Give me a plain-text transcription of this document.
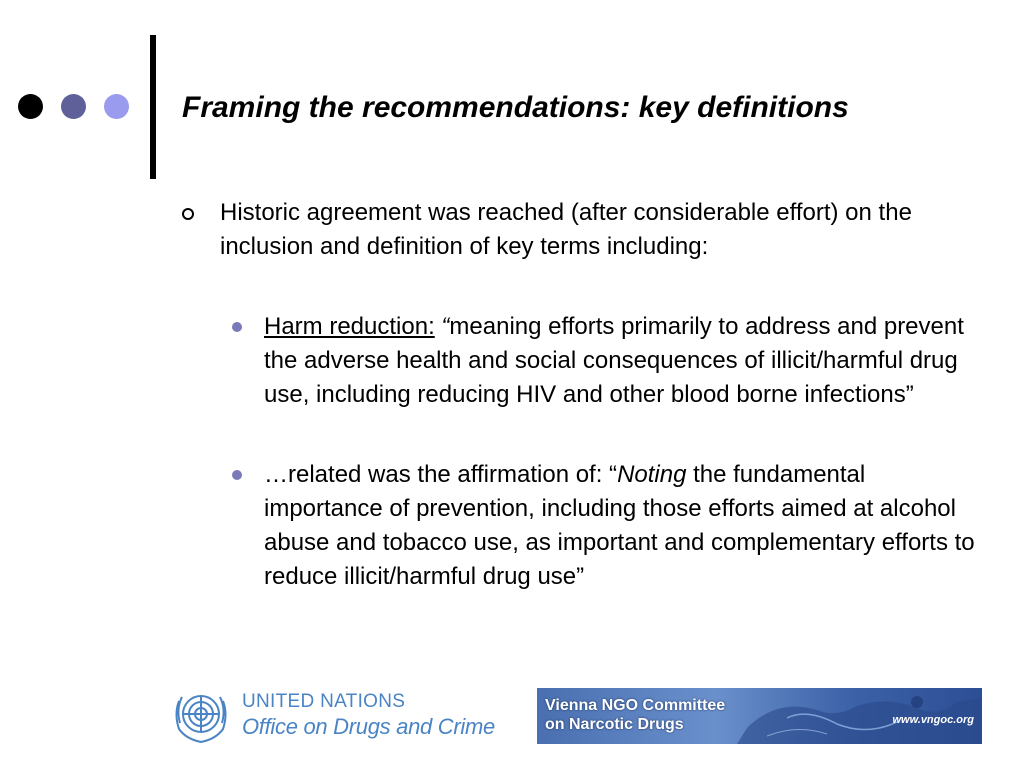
Framing the recommendations: key definitions
Historic agreement was reached (after considerable effort) on the inclusion and definition of key terms including:
Harm reduction: “meaning efforts primarily to address and prevent the adverse health and social consequences of illicit/harmful drug use, including reducing HIV and other blood borne infections”
…related was the affirmation of: “Noting the fundamental importance of prevention, including those efforts aimed at alcohol abuse and tobacco use, as important and complementary efforts to reduce illicit/harmful drug use”
UNITED NATIONS
Office on Drugs and Crime
Vienna NGO Committee
on Narcotic Drugs	www.vngoc.org
